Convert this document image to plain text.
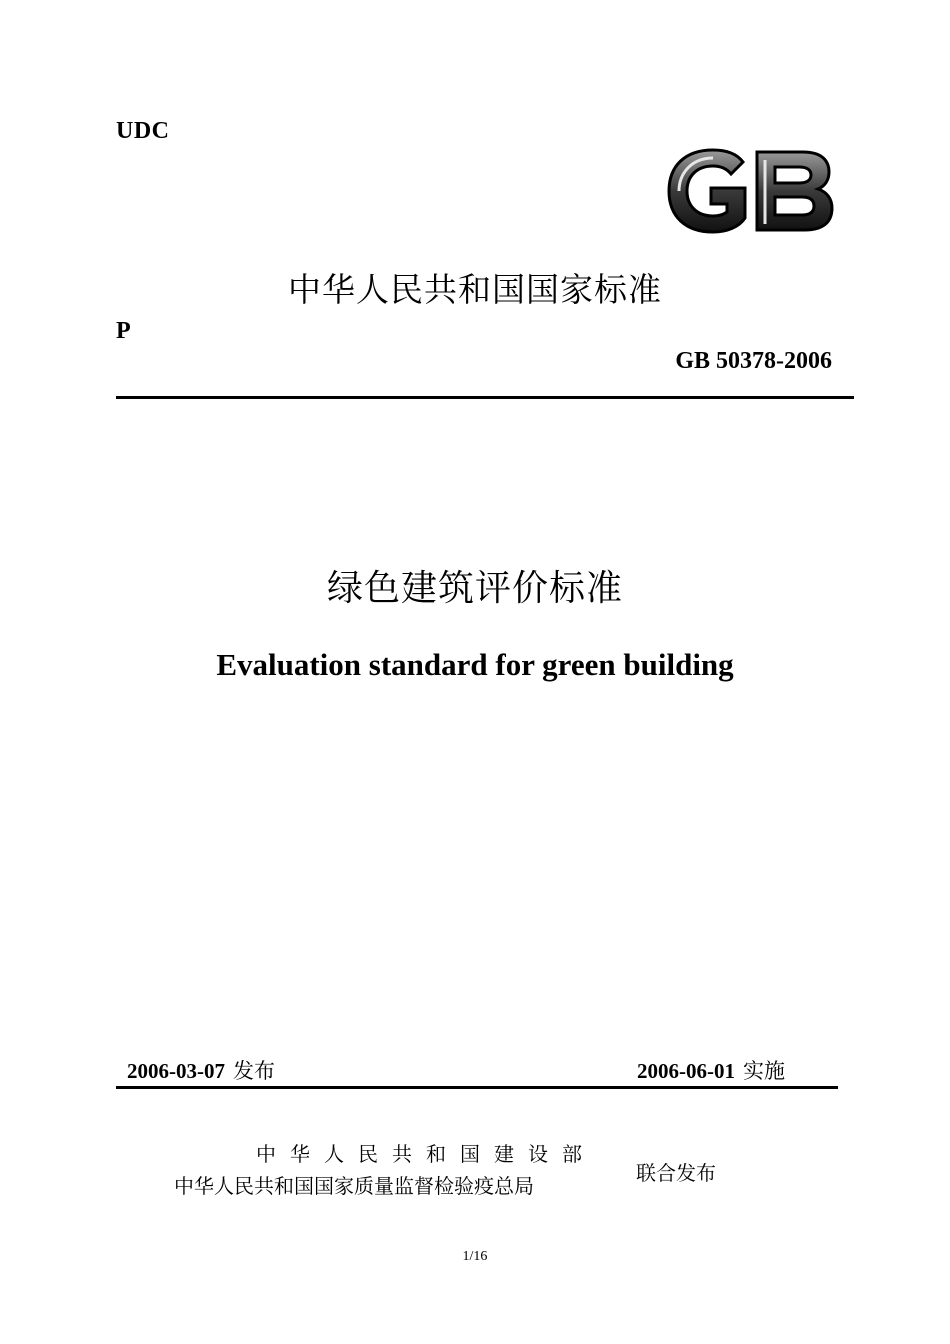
UDC
中华人民共和国国家标准
P
GB 50378-2006
绿色建筑评价标准
Evaluation standard for green building
2006-03-07 发布	2006-06-01 实施
中华人民共和国建设部
中华人民共和国国家质量监督检验疫总局
联合发布
1/16
